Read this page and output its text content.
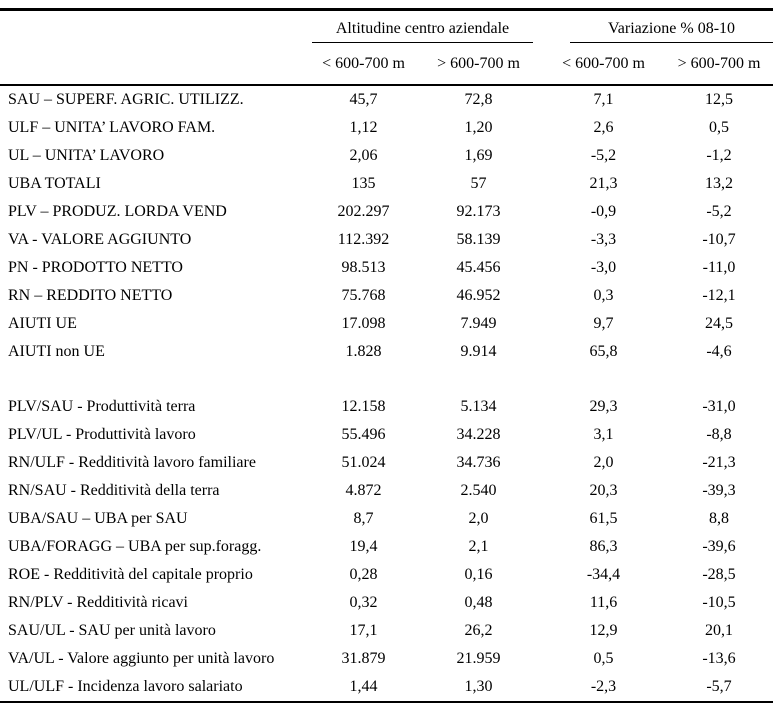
	Altitudine centro aziendale		Variazione % 08-10	

	< 600-700 m	> 600-700 m	< 600-700 m	> 600-700 m
SAU – SUPERF. AGRIC. UTILIZZ.	45,7	72,8	7,1	12,5
ULF – UNITA’ LAVORO FAM.	1,12	1,20	2,6	0,5
UL – UNITA’ LAVORO	2,06	1,69	-5,2	-1,2
UBA TOTALI	135	57	21,3	13,2
PLV – PRODUZ. LORDA VEND	202.297	92.173	-0,9	-5,2
VA - VALORE AGGIUNTO	112.392	58.139	-3,3	-10,7
PN - PRODOTTO NETTO	98.513	45.456	-3,0	-11,0
RN – REDDITO NETTO	75.768	46.952	0,3	-12,1
AIUTI UE	17.098	7.949	9,7	24,5
AIUTI non UE	1.828	9.914	65,8	-4,6

PLV/SAU - Produttività terra	12.158	5.134	29,3	-31,0
PLV/UL - Produttività lavoro	55.496	34.228	3,1	-8,8
RN/ULF - Redditività lavoro familiare	51.024	34.736	2,0	-21,3
RN/SAU - Redditività della terra	4.872	2.540	20,3	-39,3
UBA/SAU – UBA per SAU	8,7	2,0	61,5	8,8
UBA/FORAGG – UBA per sup.foragg.	19,4	2,1	86,3	-39,6
ROE - Redditività del capitale proprio	0,28	0,16	-34,4	-28,5
RN/PLV - Redditività ricavi	0,32	0,48	11,6	-10,5
SAU/UL - SAU per unità lavoro	17,1	26,2	12,9	20,1
VA/UL - Valore aggiunto per unità lavoro	31.879	21.959	0,5	-13,6
UL/ULF - Incidenza lavoro salariato	1,44	1,30	-2,3	-5,7
